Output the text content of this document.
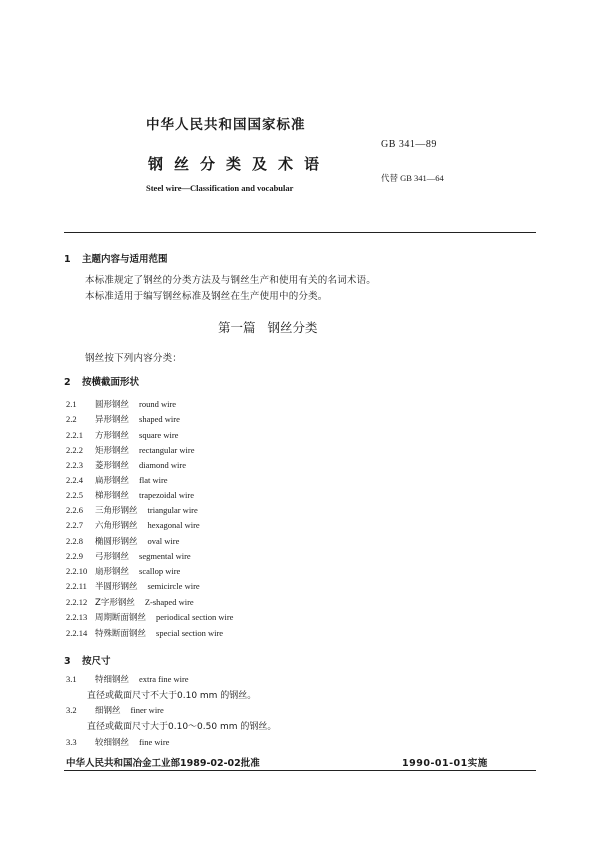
中华人民共和国国家标准
GB 341—89
钢丝分类及术语
Steel wire—Classification and vocabular
代替 GB 341—64
1 主题内容与适用范围
本标准规定了钢丝的分类方法及与钢丝生产和使用有关的名词术语。
本标准适用于编写钢丝标准及钢丝在生产使用中的分类。
第一篇 钢丝分类
钢丝按下列内容分类：
2 按横截面形状
2.1 圆形钢丝 round wire
2.2 异形钢丝 shaped wire
2.2.1 方形钢丝 square wire
2.2.2 矩形钢丝 rectangular wire
2.2.3 菱形钢丝 diamond wire
2.2.4 扁形钢丝 flat wire
2.2.5 梯形钢丝 trapezoidal wire
2.2.6 三角形钢丝 triangular wire
2.2.7 六角形钢丝 hexagonal wire
2.2.8 椭圆形钢丝 oval wire
2.2.9 弓形钢丝 segmental wire
2.2.10 扇形钢丝 scallop wire
2.2.11 半圆形钢丝 semicircle wire
2.2.12 Z字形钢丝 Z-shaped wire
2.2.13 周期断面钢丝 periodical section wire
2.2.14 特殊断面钢丝 special section wire
3 按尺寸
3.1 特细钢丝 extra fine wire
直径或截面尺寸不大于0.10 mm 的钢丝。
3.2 细钢丝 finer wire
直径或截面尺寸大于0.10～0.50 mm 的钢丝。
3.3 较细钢丝 fine wire
中华人民共和国冶金工业部1989-02-02批准	1990-01-01实施
